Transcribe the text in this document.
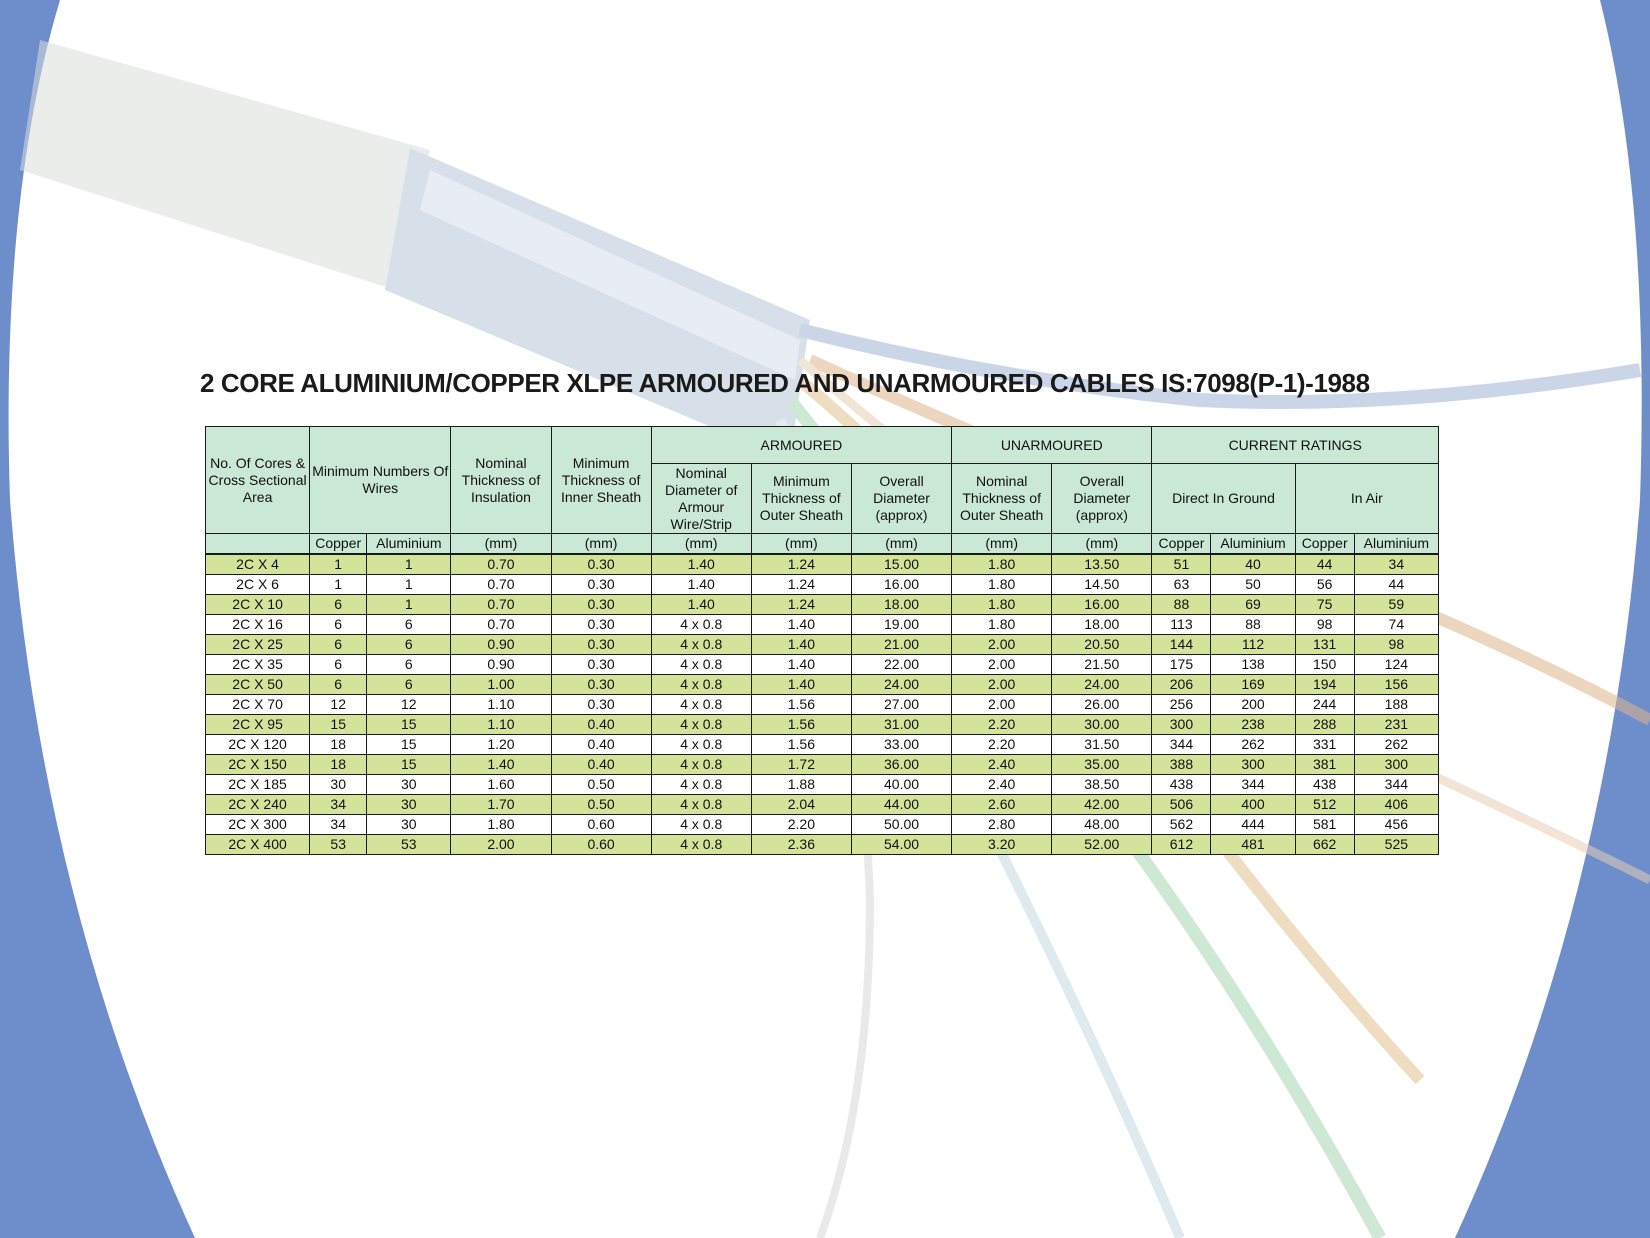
2 CORE ALUMINIUM/COPPER XLPE ARMOURED AND UNARMOURED CABLES IS:7098(P-1)-1988
No. Of Cores & Cross Sectional Area	Minimum Numbers Of Wires		Nominal Thickness of Insulation	Minimum Thickness of Inner Sheath	ARMOURED			UNARMOURED		CURRENT RATINGS			
					Nominal Diameter of Armour Wire/Strip	Minimum Thickness of Outer Sheath	Overall Diameter (approx)	Nominal Thickness of Outer Sheath	Overall Diameter (approx)	Direct In Ground		In Air	
	Copper	Aluminium	(mm)	(mm)	(mm)	(mm)	(mm)	(mm)	(mm)	Copper	Aluminium	Copper	Aluminium
2C X 4	1	1	0.70	0.30	1.40	1.24	15.00	1.80	13.50	51	40	44	34
2C X 6	1	1	0.70	0.30	1.40	1.24	16.00	1.80	14.50	63	50	56	44
2C X 10	6	1	0.70	0.30	1.40	1.24	18.00	1.80	16.00	88	69	75	59
2C X 16	6	6	0.70	0.30	4 x 0.8	1.40	19.00	1.80	18.00	113	88	98	74
2C X 25	6	6	0.90	0.30	4 x 0.8	1.40	21.00	2.00	20.50	144	112	131	98
2C X 35	6	6	0.90	0.30	4 x 0.8	1.40	22.00	2.00	21.50	175	138	150	124
2C X 50	6	6	1.00	0.30	4 x 0.8	1.40	24.00	2.00	24.00	206	169	194	156
2C X 70	12	12	1.10	0.30	4 x 0.8	1.56	27.00	2.00	26.00	256	200	244	188
2C X 95	15	15	1.10	0.40	4 x 0.8	1.56	31.00	2.20	30.00	300	238	288	231
2C X 120	18	15	1.20	0.40	4 x 0.8	1.56	33.00	2.20	31.50	344	262	331	262
2C X 150	18	15	1.40	0.40	4 x 0.8	1.72	36.00	2.40	35.00	388	300	381	300
2C X 185	30	30	1.60	0.50	4 x 0.8	1.88	40.00	2.40	38.50	438	344	438	344
2C X 240	34	30	1.70	0.50	4 x 0.8	2.04	44.00	2.60	42.00	506	400	512	406
2C X 300	34	30	1.80	0.60	4 x 0.8	2.20	50.00	2.80	48.00	562	444	581	456
2C X 400	53	53	2.00	0.60	4 x 0.8	2.36	54.00	3.20	52.00	612	481	662	525
